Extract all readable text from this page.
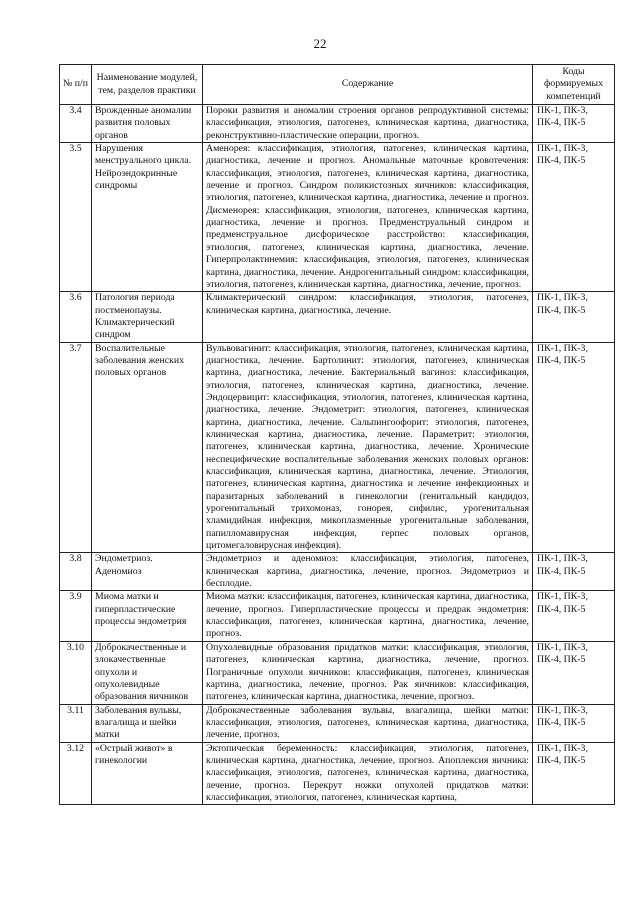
22
№ п/п	Наименование модулей, тем, разделов практики	Содержание	Коды формируемых компетенций
3.4	Врожденные аномалии развития половых органов	Пороки развития и аномалии строения органов репродуктивной системы: классификация, этиология, патогенез, клиническая картина, диагностика, реконструктивно-пластические операции, прогноз.	ПК-1, ПК-3, ПК-4, ПК-5
3.5	Нарушения менструального цикла. Нейроэндокринные синдромы	Аменорея: классификация, этиология, патогенез, клиническая картина, диагностика, лечение и прогноз. Аномальные маточные кровотечения: классификация, этиология, патогенез, клиническая картина, диагностика, лечение и прогноз. Синдром поликистозных яичников: классификация, этиология, патогенез, клиническая картина, диагностика, лечение и прогноз. Дисменорея: классификация, этиология, патогенез, клиническая картина, диагностика, лечение и прогноз. Предменструальный синдром и предменструальное дисфорическое расстройство: классификация, этиология, патогенез, клиническая картина, диагностика, лечение. Гиперпролактинемия: классификация, этиология, патогенез, клиническая картина, диагностика, лечение. Андрогенитальный синдром: классификация, этиология, патогенез, клиническая картина, диагностика, лечение, прогноз.	ПК-1, ПК-3, ПК-4, ПК-5
3.6	Патология периода постменопаузы. Климактерический синдром	Климактерический синдром: классификация, этиология, патогенез, клиническая картина, диагностика, лечение.	ПК-1, ПК-3, ПК-4, ПК-5
3.7	Воспалительные заболевания женских половых органов	Вульвовагинит: классификация, этиология, патогенез, клиническая картина, диагностика, лечение. Бартолинит: этиология, патогенез, клиническая картина, диагностика, лечение. Бактериальный вагиноз: классификация, этиология, патогенез, клиническая картина, диагностика, лечение. Эндоцервицит: классификация, этиология, патогенез, клиническая картина, диагностика, лечение. Эндометрит: этиология, патогенез, клиническая картина, диагностика, лечение. Сальпингоофорит: этиология, патогенез, клиническая картина, диагностика, лечение. Параметрит: этиология, патогенез, клиническая картина, диагностика, лечение. Хронические неспецифические воспалительные заболевания женских половых органов: классификация, клиническая картина, диагностика, лечение. Этиология, патогенез, клиническая картина, диагностика и лечение инфекционных и паразитарных заболеваний в гинекологии (генитальный кандидоз, урогенитальный трихомоназ, гонорея, сифилис, урогенитальная хламидийная инфекция, микоплазменные урогенитальные заболевания, папилломавирусная инфекция, герпес половых органов, цитомегаловирусная инфекция).	ПК-1, ПК-3, ПК-4, ПК-5
3.8	Эндометриоз. Аденомиоз	Эндометриоз и аденомиоз: классификация, этиология, патогенез, клиническая картина, диагностика, лечение, прогноз. Эндометриоз и бесплодие.	ПК-1, ПК-3, ПК-4, ПК-5
3.9	Миома матки и гиперпластические процессы эндометрия	Миома матки: классификация, патогенез, клиническая картина, диагностика, лечение, прогноз. Гиперпластические процессы и предрак эндометрия: классификация, патогенез, клиническая картина, диагностика, лечение, прогноз.	ПК-1, ПК-3, ПК-4, ПК-5
3.10	Доброкачественные и злокачественные опухоли и опухолевидные образования яичников	Опухолевидные образования придатков матки: классификация, этиология, патогенез, клиническая картина, диагностика, лечение, прогноз. Пограничные опухоли яичников: классификация, патогенез, клиническая картина, диагностика, лечение, прогноз. Рак яичников: классификация, патогенез, клиническая картина, диагностика, лечение, прогноз.	ПК-1, ПК-3, ПК-4, ПК-5
3.11	Заболевания вульвы, влагалища и шейки матки	Доброкачественные заболевания вульвы, влагалища, шейки матки: классификация, этиология, патогенез, клиническая картина, диагностика, лечение, прогноз.	ПК-1, ПК-3, ПК-4, ПК-5
3.12	«Острый живот» в гинекологии	Эктопическая беременность: классификация, этиология, патогенез, клиническая картина, диагностика, лечение, прогноз. Апоплексия яичника: классификация, этиология, патогенез, клиническая картина, диагностика, лечение, прогноз. Перекрут ножки опухолей придатков матки: классификация, этиология, патогенез, клиническая картина,	ПК-1, ПК-3, ПК-4, ПК-5
